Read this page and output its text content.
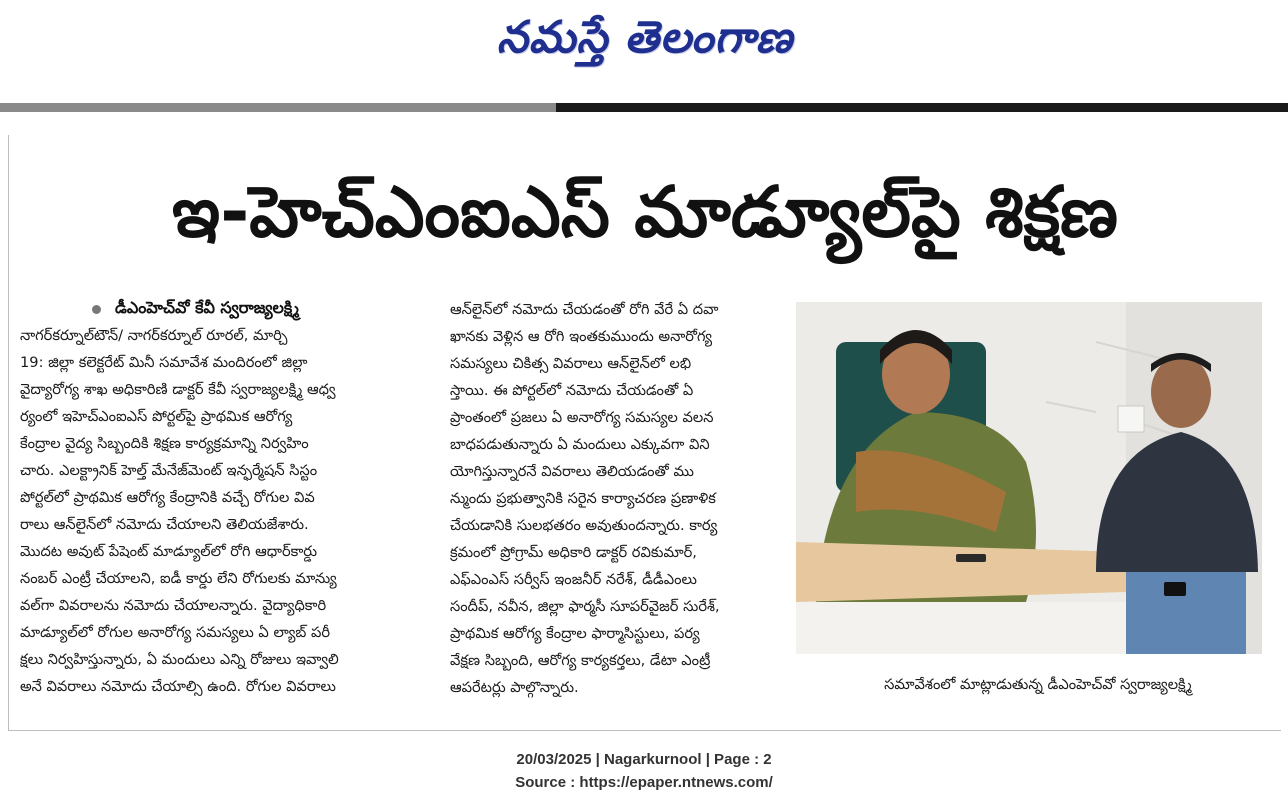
నమస్తే తెలంగాణ
ఇ-హెచ్ఎంఐఎస్ మాడ్యూల్‌పై శిక్షణ
డీఎంహెచ్‌వో కేవీ స్వరాజ్యలక్ష్మి
నాగర్‌కర్నూల్‌టౌన్/ నాగర్‌కర్నూల్ రూరల్, మార్చి
19: జిల్లా కలెక్టరేట్ మినీ సమావేశ మందిరంలో జిల్లా
వైద్యారోగ్య శాఖ అధికారిణి డాక్టర్ కేవీ స్వరాజ్యలక్ష్మి ఆధ్వ
ర్యంలో ఇహెచ్ఎంఐఎస్ పోర్టల్‌పై ప్రాథమిక ఆరోగ్య
కేంద్రాల వైద్య సిబ్బందికి శిక్షణ కార్యక్రమాన్ని నిర్వహిం
చారు. ఎలక్ట్రానిక్ హెల్త్ మేనేజ్‌మెంట్ ఇన్ఫర్మేషన్ సిస్టం
పోర్టల్‌లో ప్రాథమిక ఆరోగ్య కేంద్రానికి వచ్చే రోగుల వివ
రాలు ఆన్‌లైన్‌లో నమోదు చేయాలని తెలియజేశారు.
మొదట అవుట్ పేషెంట్ మాడ్యూల్‌లో రోగి ఆధార్‌కార్డు
నంబర్ ఎంట్రీ చేయాలని, ఐడీ కార్డు లేని రోగులకు మాన్యు
వల్‌గా వివరాలను నమోదు చేయాలన్నారు. వైద్యాధికారి
మాడ్యూల్‌లో రోగుల అనారోగ్య సమస్యలు ఏ ల్యాబ్ పరీ
క్షలు నిర్వహిస్తున్నారు, ఏ మందులు ఎన్ని రోజులు ఇవ్వాలి
అనే వివరాలు నమోదు చేయాల్సి ఉంది. రోగుల వివరాలు
ఆన్‌లైన్‌లో నమోదు చేయడంతో రోగి వేరే ఏ దవా
ఖానకు వెళ్లిన ఆ రోగి ఇంతకుముందు అనారోగ్య
సమస్యలు చికిత్స వివరాలు ఆన్‌లైన్‌లో లభి
స్తాయి. ఈ పోర్టల్‌లో నమోదు చేయడంతో ఏ
ప్రాంతంలో ప్రజలు ఏ అనారోగ్య సమస్యల వలన
బాధపడుతున్నారు ఏ మందులు ఎక్కువగా విని
యోగిస్తున్నారనే వివరాలు తెలియడంతో ము
న్ముందు ప్రభుత్వానికి సరైన కార్యాచరణ ప్రణాళిక
చేయడానికి సులభతరం అవుతుందన్నారు. కార్య
క్రమంలో ప్రోగ్రామ్ అధికారి డాక్టర్ రవికుమార్,
ఎఫ్ఎంఎస్ సర్వీస్ ఇంజనీర్ నరేశ్, డీడీఎంలు
సందీప్, నవీన, జిల్లా ఫార్మసీ సూపర్‌వైజర్ సురేశ్,
ప్రాథమిక ఆరోగ్య కేంద్రాల ఫార్మాసిస్టులు, పర్య
వేక్షణ సిబ్బంది, ఆరోగ్య కార్యకర్తలు, డేటా ఎంట్రీ
ఆపరేటర్లు పాల్గొన్నారు.	సమావేశంలో మాట్లాడుతున్న డీఎంహెచ్‌వో స్వరాజ్యలక్ష్మి
20/03/2025 | Nagarkurnool | Page : 2
Source : https://epaper.ntnews.com/
